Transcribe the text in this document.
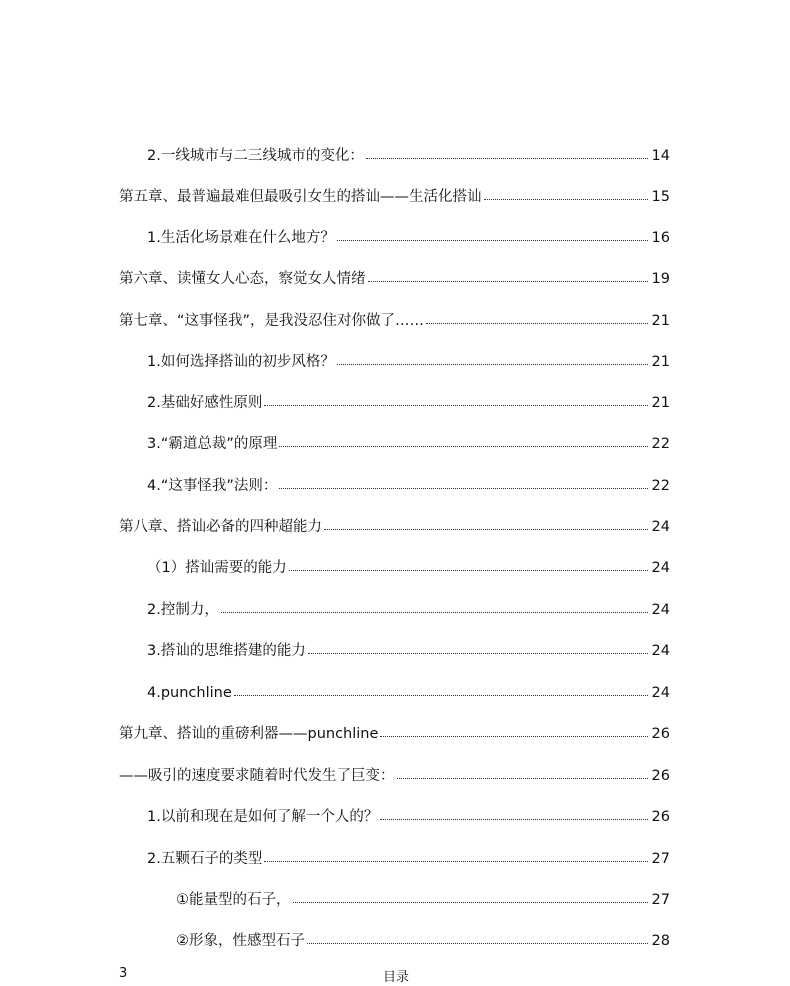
2.一线城市与二三线城市的变化：	14
第五章、最普遍最难但最吸引女生的搭讪——生活化搭讪	15
1.生活化场景难在什么地方？	16
第六章、读懂女人心态，察觉女人情绪	19
第七章、“这事怪我”，是我没忍住对你做了……	21
1.如何选择搭讪的初步风格？	21
2.基础好感性原则	21
3.“霸道总裁”的原理	22
4.“这事怪我”法则：	22
第八章、搭讪必备的四种超能力	24
（1）搭讪需要的能力	24
2.控制力，	24
3.搭讪的思维搭建的能力	24
4.punchline	24
第九章、搭讪的重磅利器——punchline	26
——吸引的速度要求随着时代发生了巨变：	26
1.以前和现在是如何了解一个人的？	26
2.五颗石子的类型	27
①能量型的石子，	27
②形象，性感型石子	28
3	目录
